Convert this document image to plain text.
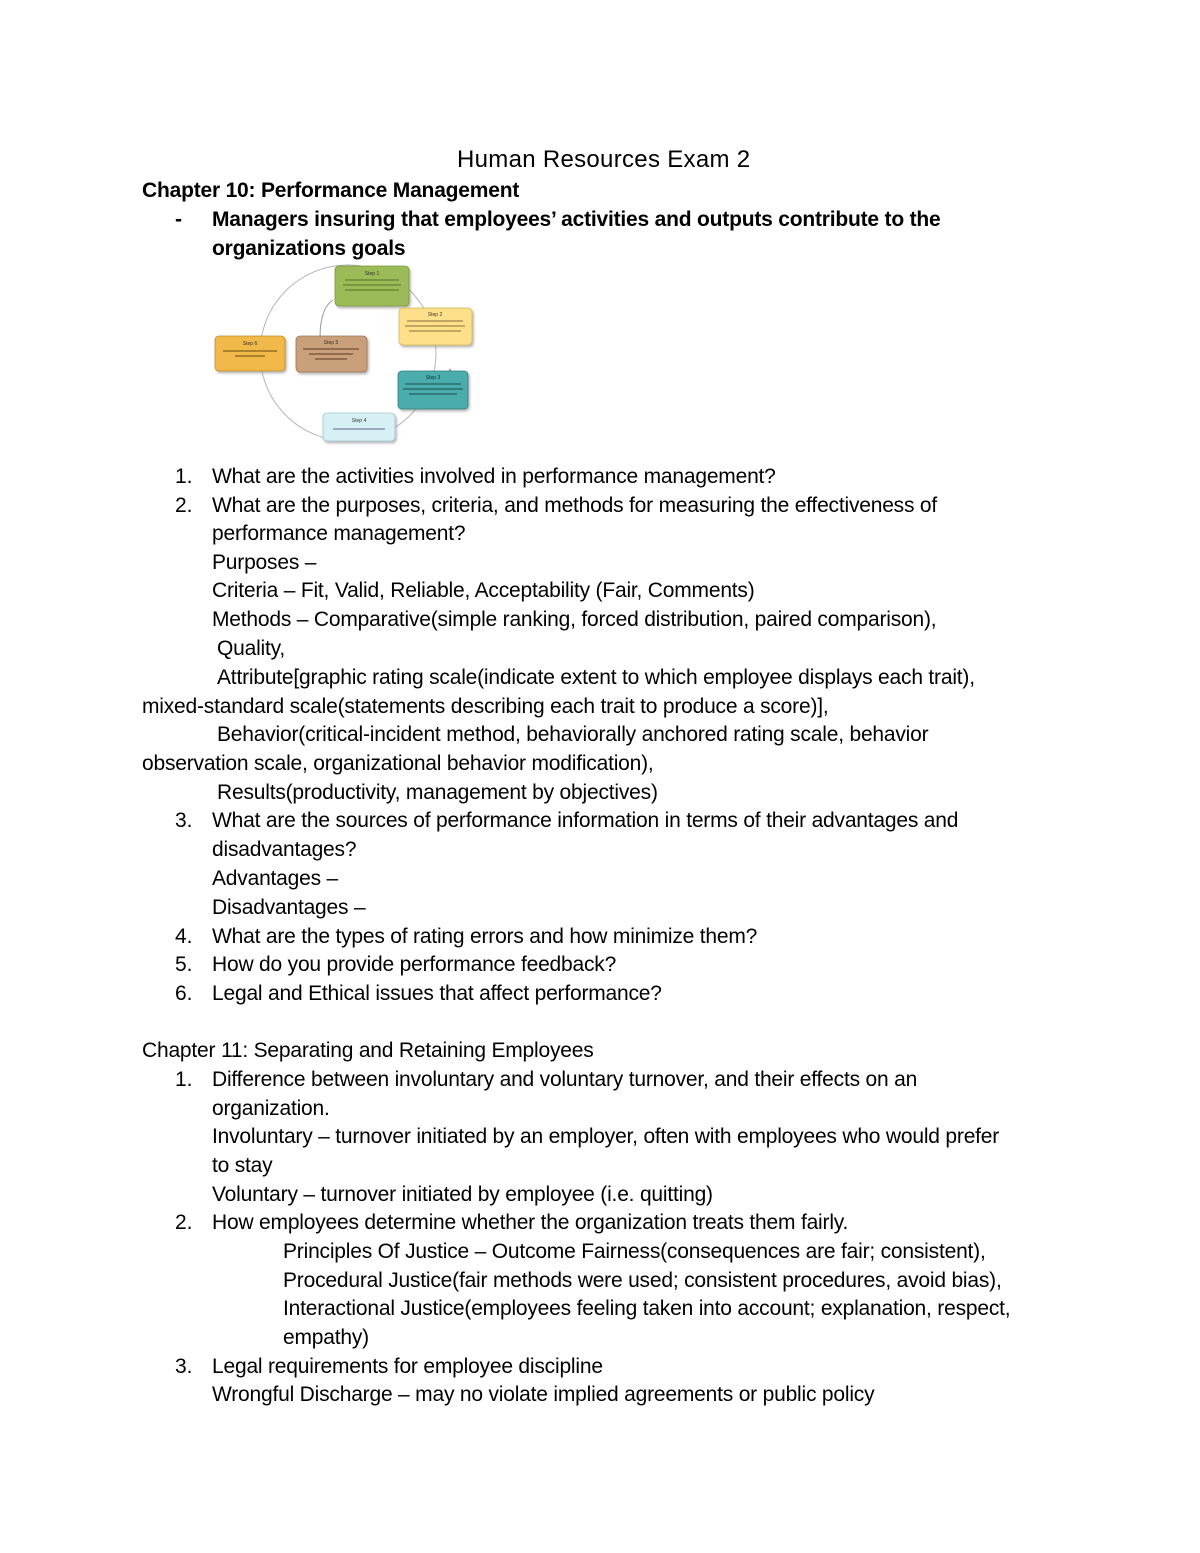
Human Resources Exam 2
Chapter 10: Performance Management
- Managers insuring that employees’ activities and outputs contribute to the
organizations goals
Step 1
Step 2
Step 3
Step 4
Step 5
Step 6
1. What are the activities involved in performance management?
2. What are the purposes, criteria, and methods for measuring the effectiveness of
performance management?
Purposes –
Criteria – Fit, Valid, Reliable, Acceptability (Fair, Comments)
Methods – Comparative(simple ranking, forced distribution, paired comparison),
Quality,
Attribute[graphic rating scale(indicate extent to which employee displays each trait),
mixed-standard scale(statements describing each trait to produce a score)],
Behavior(critical-incident method, behaviorally anchored rating scale, behavior
observation scale, organizational behavior modification),
Results(productivity, management by objectives)
3. What are the sources of performance information in terms of their advantages and
disadvantages?
Advantages –
Disadvantages –
4. What are the types of rating errors and how minimize them?
5. How do you provide performance feedback?
6. Legal and Ethical issues that affect performance?
Chapter 11: Separating and Retaining Employees
1. Difference between involuntary and voluntary turnover, and their effects on an
organization.
Involuntary – turnover initiated by an employer, often with employees who would prefer
to stay
Voluntary – turnover initiated by employee (i.e. quitting)
2. How employees determine whether the organization treats them fairly.
Principles Of Justice – Outcome Fairness(consequences are fair; consistent),
Procedural Justice(fair methods were used; consistent procedures, avoid bias),
Interactional Justice(employees feeling taken into account; explanation, respect,
empathy)
3. Legal requirements for employee discipline
Wrongful Discharge – may no violate implied agreements or public policy
